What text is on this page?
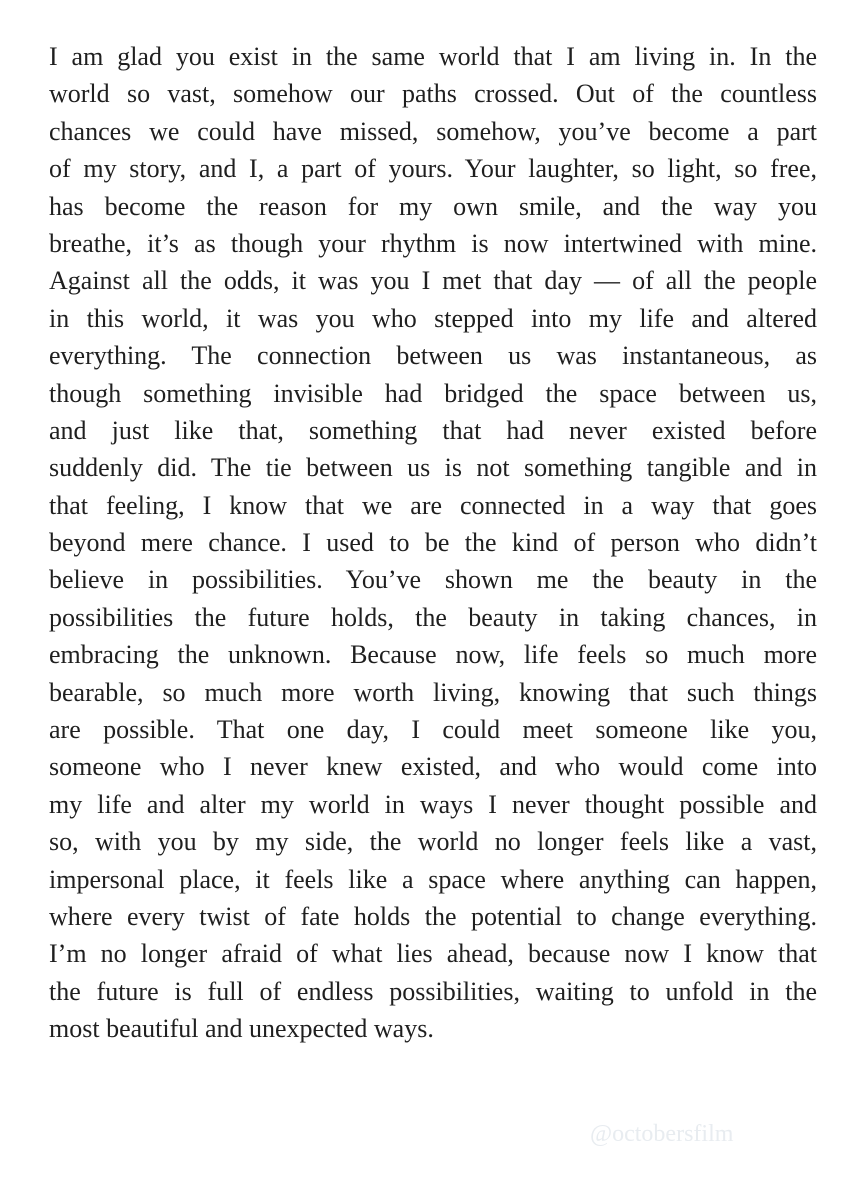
I am glad you exist in the same world that I am living in. In the
world so vast, somehow our paths crossed. Out of the countless
chances we could have missed, somehow, you’ve become a part
of my story, and I, a part of yours. Your laughter, so light, so free,
has become the reason for my own smile, and the way you
breathe, it’s as though your rhythm is now intertwined with mine.
Against all the odds, it was you I met that day — of all the people
in this world, it was you who stepped into my life and altered
everything. The connection between us was instantaneous, as
though something invisible had bridged the space between us,
and just like that, something that had never existed before
suddenly did. The tie between us is not something tangible and in
that feeling, I know that we are connected in a way that goes
beyond mere chance. I used to be the kind of person who didn’t
believe in possibilities. You’ve shown me the beauty in the
possibilities the future holds, the beauty in taking chances, in
embracing the unknown. Because now, life feels so much more
bearable, so much more worth living, knowing that such things
are possible. That one day, I could meet someone like you,
someone who I never knew existed, and who would come into
my life and alter my world in ways I never thought possible and
so, with you by my side, the world no longer feels like a vast,
impersonal place, it feels like a space where anything can happen,
where every twist of fate holds the potential to change everything.
I’m no longer afraid of what lies ahead, because now I know that
the future is full of endless possibilities, waiting to unfold in the
most beautiful and unexpected ways.
@octobersfilm
